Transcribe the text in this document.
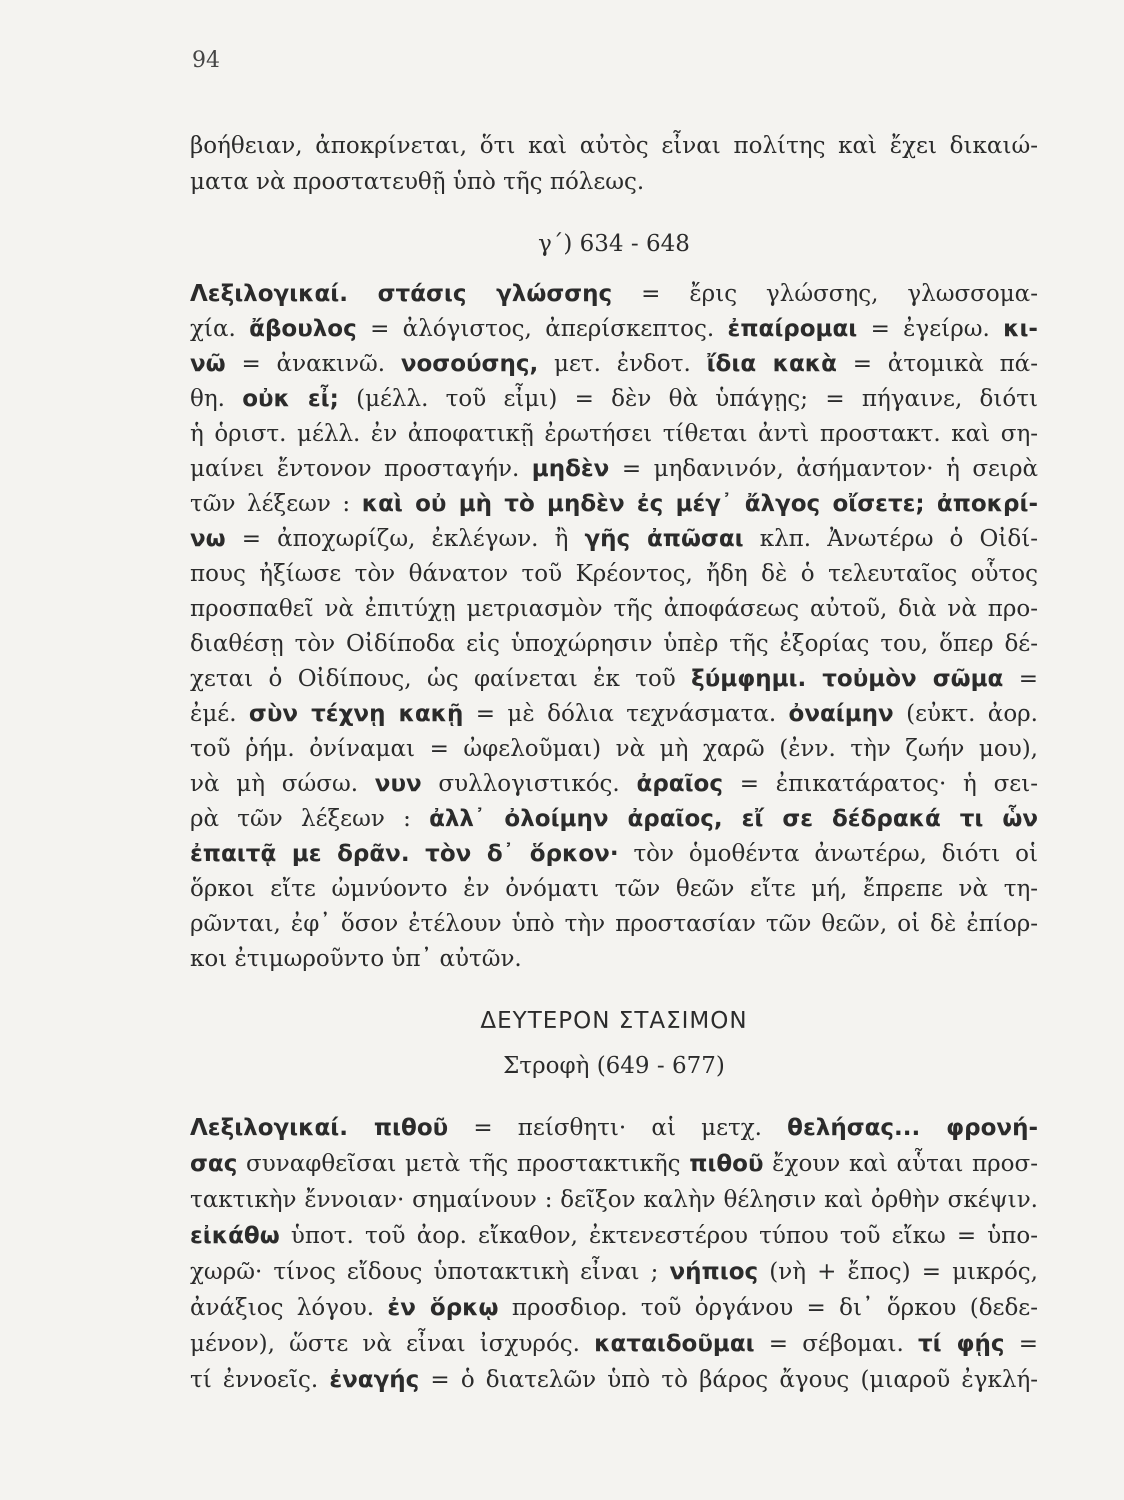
94
βοήθειαν, ἀποκρίνεται, ὅτι καὶ αὐτὸς εἶναι πολίτης καὶ ἔχει δικαιώ-
ματα νὰ προστατευθῇ ὑπὸ τῆς πόλεως.
γ´) 634 - 648
Λεξιλογικαί. στάσις γλώσσης = ἔρις γλώσσης, γλωσσομα-
χία. ἄβουλος = ἀλόγιστος, ἀπερίσκεπτος. ἐπαίρομαι = ἐγείρω. κι-
νῶ = ἀνακινῶ. νοσούσης, μετ. ἐνδοτ. ἴδια κακὰ = ἀτομικὰ πά-
θη. οὐκ εἶ; (μέλλ. τοῦ εἶμι) = δὲν θὰ ὑπάγῃς; = πήγαινε, διότι
ἡ ὁριστ. μέλλ. ἐν ἀποφατικῇ ἐρωτήσει τίθεται ἀντὶ προστακτ. καὶ ση-
μαίνει ἔντονον προσταγήν. μηδὲν = μηδανινόν, ἀσήμαντον· ἡ σειρὰ
τῶν λέξεων : καὶ οὐ μὴ τὸ μηδὲν ἐς μέγ᾽ ἄλγος οἴσετε; ἀποκρί-
νω = ἀποχωρίζω, ἐκλέγων. ἢ γῆς ἀπῶσαι κλπ. Ἀνωτέρω ὁ Οἰδί-
πους ἠξίωσε τὸν θάνατον τοῦ Κρέοντος, ἤδη δὲ ὁ τελευταῖος οὗτος
προσπαθεῖ νὰ ἐπιτύχῃ μετριασμὸν τῆς ἀποφάσεως αὐτοῦ, διὰ νὰ προ-
διαθέσῃ τὸν Οἰδίποδα εἰς ὑποχώρησιν ὑπὲρ τῆς ἐξορίας του, ὅπερ δέ-
χεται ὁ Οἰδίπους, ὡς φαίνεται ἐκ τοῦ ξύμφημι. τοὐμὸν σῶμα =
ἐμέ. σὺν τέχνῃ κακῇ = μὲ δόλια τεχνάσματα. ὀναίμην (εὐκτ. ἀορ.
τοῦ ῥήμ. ὀνίναμαι = ὠφελοῦμαι) νὰ μὴ χαρῶ (ἐνν. τὴν ζωήν μου),
νὰ μὴ σώσω. νυν συλλογιστικός. ἀραῖος = ἐπικατάρατος· ἡ σει-
ρὰ τῶν λέξεων : ἀλλ᾽ ὀλοίμην ἀραῖος, εἴ σε δέδρακά τι ὧν
ἐπαιτᾷ με δρᾶν. τὸν δ᾽ ὅρκον· τὸν ὁμοθέντα ἀνωτέρω, διότι οἱ
ὅρκοι εἴτε ὠμνύοντο ἐν ὀνόματι τῶν θεῶν εἴτε μή, ἔπρεπε νὰ τη-
ρῶνται, ἐφ᾽ ὅσον ἐτέλουν ὑπὸ τὴν προστασίαν τῶν θεῶν, οἱ δὲ ἐπίορ-
κοι ἐτιμωροῦντο ὑπ᾽ αὐτῶν.
ΔΕΥΤΕΡΟΝ ΣΤΑΣΙΜΟΝ
Στροφὴ (649 - 677)
Λεξιλογικαί. πιθοῦ = πείσθητι· αἱ μετχ. θελήσας... φρονή-
σας συναφθεῖσαι μετὰ τῆς προστακτικῆς πιθοῦ ἔχουν καὶ αὗται προσ-
τακτικὴν ἔννοιαν· σημαίνουν : δεῖξον καλὴν θέλησιν καὶ ὀρθὴν σκέψιν.
εἰκάθω ὑποτ. τοῦ ἀορ. εἴκαθον, ἐκτενεστέρου τύπου τοῦ εἴκω = ὑπο-
χωρῶ· τίνος εἴδους ὑποτακτικὴ εἶναι ; νήπιος (νὴ + ἔπος) = μικρός,
ἀνάξιος λόγου. ἐν ὅρκῳ προσδιορ. τοῦ ὀργάνου = δι᾽ ὅρκου (δεδε-
μένον), ὥστε νὰ εἶναι ἰσχυρός. καταιδοῦμαι = σέβομαι. τί φῄς =
τί ἐννοεῖς. ἐναγής = ὁ διατελῶν ὑπὸ τὸ βάρος ἄγους (μιαροῦ ἐγκλή-
